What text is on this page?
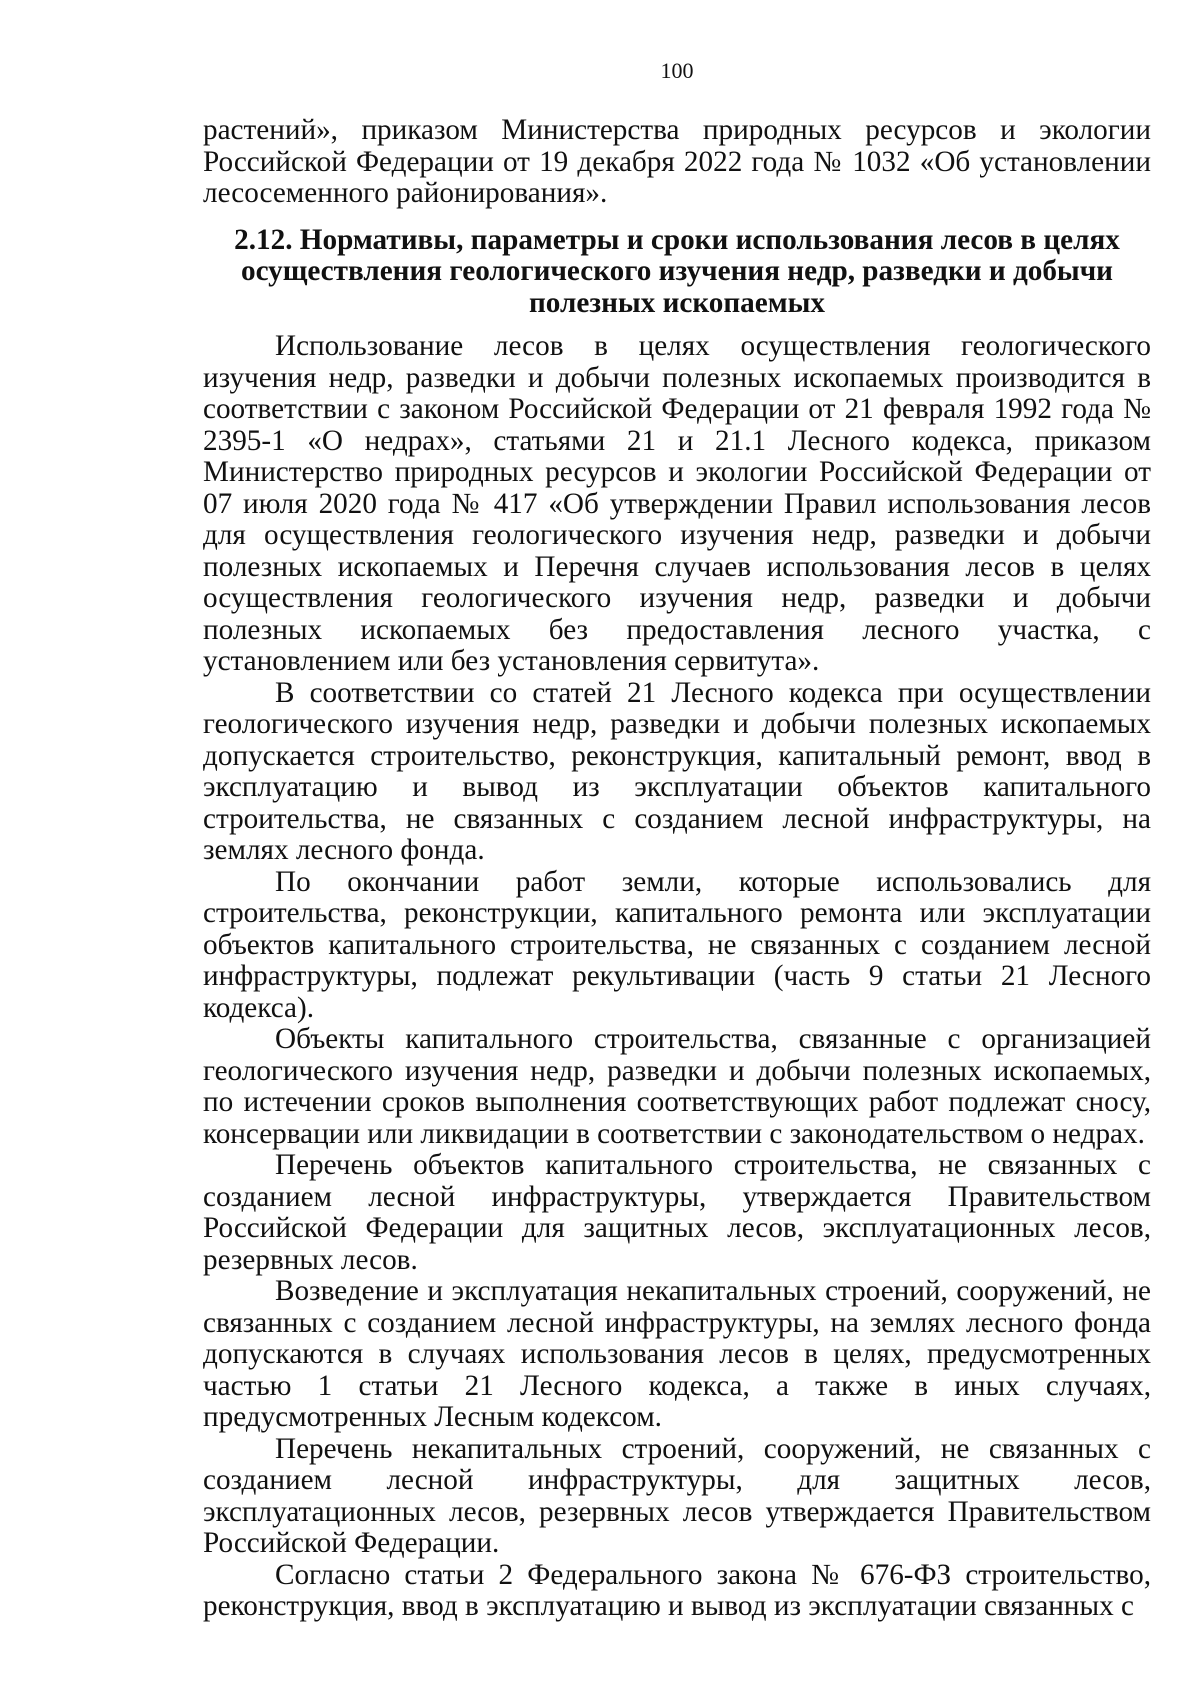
100

растений», приказом Министерства природных ресурсов и экологии Российской Федерации от 19 декабря 2022 года № 1032 «Об установлении лесосеменного районирования».

2.12. Нормативы, параметры и сроки использования лесов в целях осуществления геологического изучения недр, разведки и добычи полезных ископаемых

Использование лесов в целях осуществления геологического изучения недр, разведки и добычи полезных ископаемых производится в соответствии с законом Российской Федерации от 21 февраля 1992 года № 2395-1 «О недрах», статьями 21 и 21.1 Лесного кодекса, приказом Министерство природных ресурсов и экологии Российской Федерации от 07 июля 2020 года № 417 «Об утверждении Правил использования лесов для осуществления геологического изучения недр, разведки и добычи полезных ископаемых и Перечня случаев использования лесов в целях осуществления геологического изучения недр, разведки и добычи полезных ископаемых без предоставления лесного участка, с установлением или без установления сервитута».

В соответствии со статей 21 Лесного кодекса при осуществлении геологического изучения недр, разведки и добычи полезных ископаемых допускается строительство, реконструкция, капитальный ремонт, ввод в эксплуатацию и вывод из эксплуатации объектов капитального строительства, не связанных с созданием лесной инфраструктуры, на землях лесного фонда.

По окончании работ земли, которые использовались для строительства, реконструкции, капитального ремонта или эксплуатации объектов капитального строительства, не связанных с созданием лесной инфраструктуры, подлежат рекультивации (часть 9 статьи 21 Лесного кодекса).

Объекты капитального строительства, связанные с организацией геологического изучения недр, разведки и добычи полезных ископаемых, по истечении сроков выполнения соответствующих работ подлежат сносу, консервации или ликвидации в соответствии с законодательством о недрах.

Перечень объектов капитального строительства, не связанных с созданием лесной инфраструктуры, утверждается Правительством Российской Федерации для защитных лесов, эксплуатационных лесов, резервных лесов.

Возведение и эксплуатация некапитальных строений, сооружений, не связанных с созданием лесной инфраструктуры, на землях лесного фонда допускаются в случаях использования лесов в целях, предусмотренных частью 1 статьи 21 Лесного кодекса, а также в иных случаях, предусмотренных Лесным кодексом.

Перечень некапитальных строений, сооружений, не связанных с созданием лесной инфраструктуры, для защитных лесов, эксплуатационных лесов, резервных лесов утверждается Правительством Российской Федерации.

Согласно статьи 2 Федерального закона № 676-ФЗ строительство, реконструкция, ввод в эксплуатацию и вывод из эксплуатации связанных с
